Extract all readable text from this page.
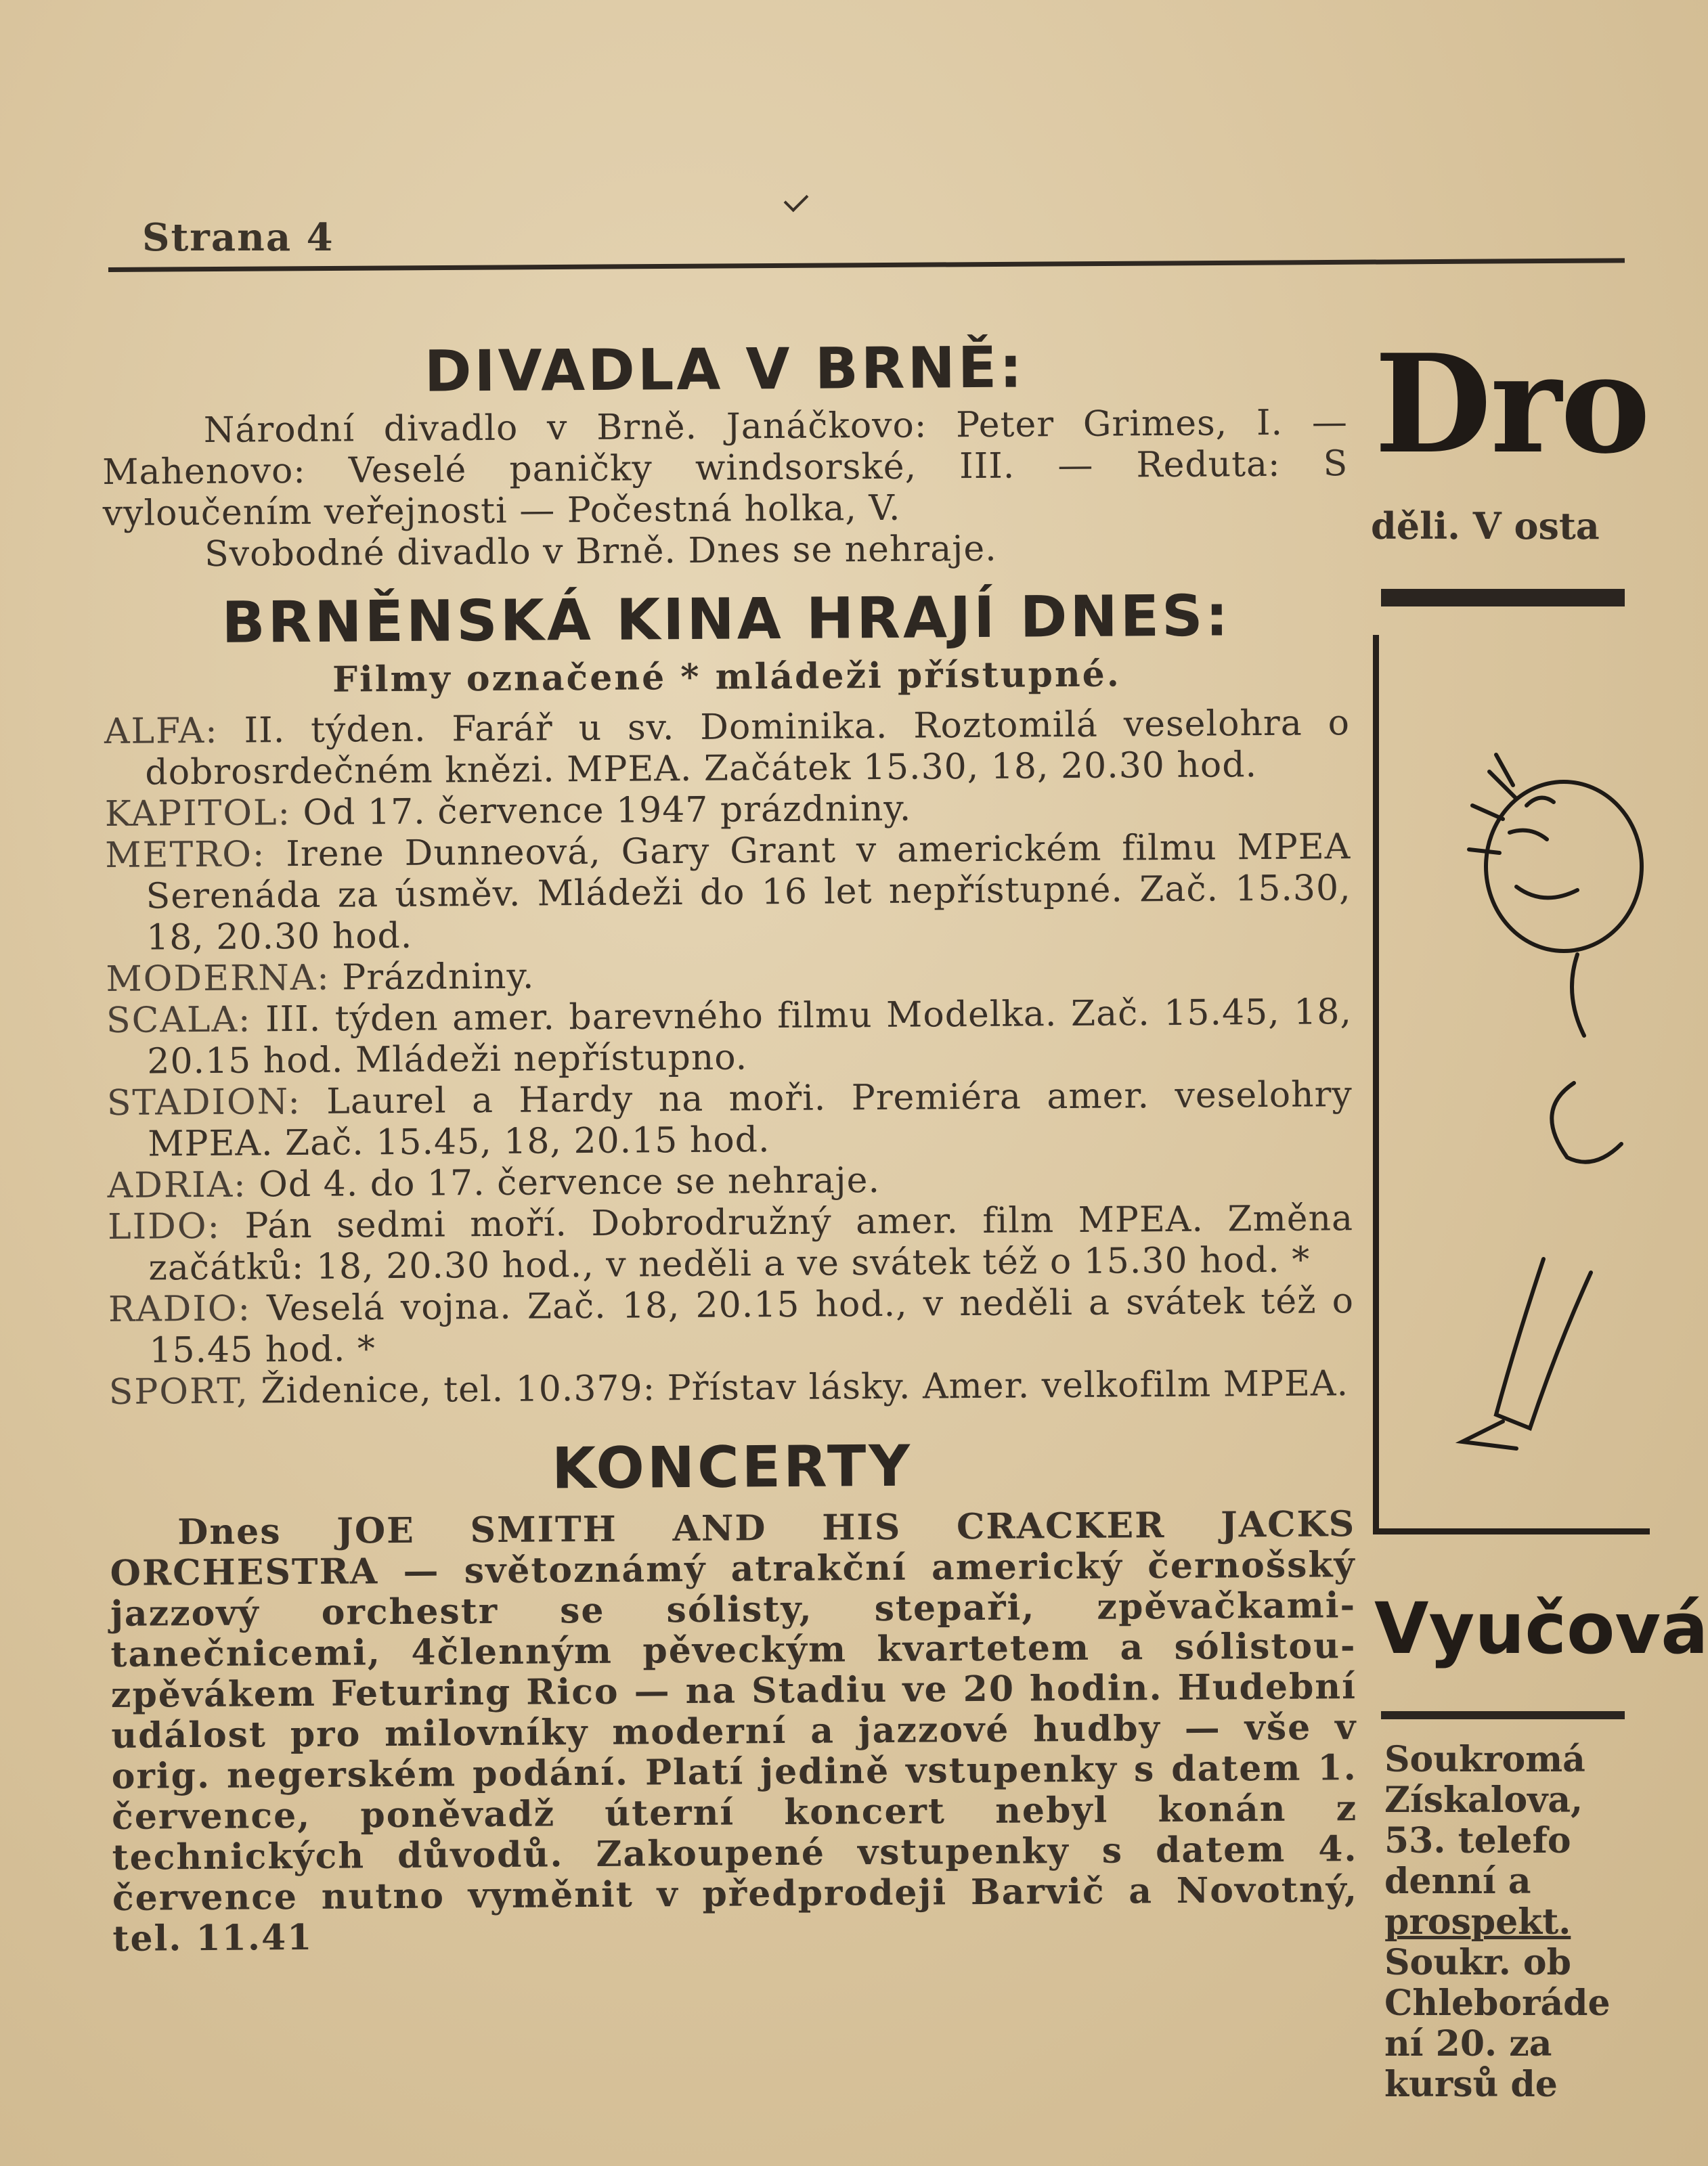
Strana 4
DIVADLA V BRNĚ:

Národní divadlo v Brně. Janáčkovo: Peter Grimes, I. — Mahenovo: Veselé paničky windsorské, III. — Reduta: S vyloučením veřejnosti — Počestná holka, V.

Svobodné divadlo v Brně. Dnes se nehraje.

BRNĚNSKÁ KINA HRAJÍ DNES:
Filmy označené * mládeži přístupné.

ALFA: II. týden. Farář u sv. Dominika. Roztomilá veselohra o dobrosrdečném knězi. MPEA. Začátek 15.30, 18, 20.30 hod.

KAPITOL: Od 17. července 1947 prázdniny.

METRO: Irene Dunneová, Gary Grant v americkém filmu MPEA Serenáda za úsměv. Mládeži do 16 let nepřístupné. Zač. 15.30, 18, 20.30 hod.

MODERNA: Prázdniny.

SCALA: III. týden amer. barevného filmu Modelka. Zač. 15.45, 18, 20.15 hod. Mládeži nepřístupno.

STADION: Laurel a Hardy na moři. Premiéra amer. veselohry MPEA. Zač. 15.45, 18, 20.15 hod.

ADRIA: Od 4. do 17. července se nehraje.

LIDO: Pán sedmi moří. Dobrodružný amer. film MPEA. Změna začátků: 18, 20.30 hod., v neděli a ve svátek též o 15.30 hod. *

RADIO: Veselá vojna. Zač. 18, 20.15 hod., v neděli a svátek též o 15.45 hod. *

SPORT, Židenice, tel. 10.379: Přístav lásky. Amer. velkofilm MPEA.

KONCERTY

Dnes JOE SMITH AND HIS CRACKER JACKS ORCHESTRA — světoznámý atrakční americký černošský jazzový orchestr se sólisty, stepaři, zpěvačkami-tanečnicemi, 4členným pěveckým kvartetem a sólistou-zpěvákem Feturing Rico — na Stadiu ve 20 hodin. Hudební událost pro milovníky moderní a jazzové hudby — vše v orig. negerském podání. Platí jedině vstupenky s datem 1. července, poněvadž úterní koncert nebyl konán z technických důvodů. Zakoupené vstupenky s datem 4. července nutno vyměnit v předprodeji Barvič a Novotný, tel. 11.41

Dro
děli. V osta
Vyučová
Soukromá
Získalova,
53. telefo
denní a
prospekt.
Soukr. ob
Chleboráde
ní 20. za
kursů de
